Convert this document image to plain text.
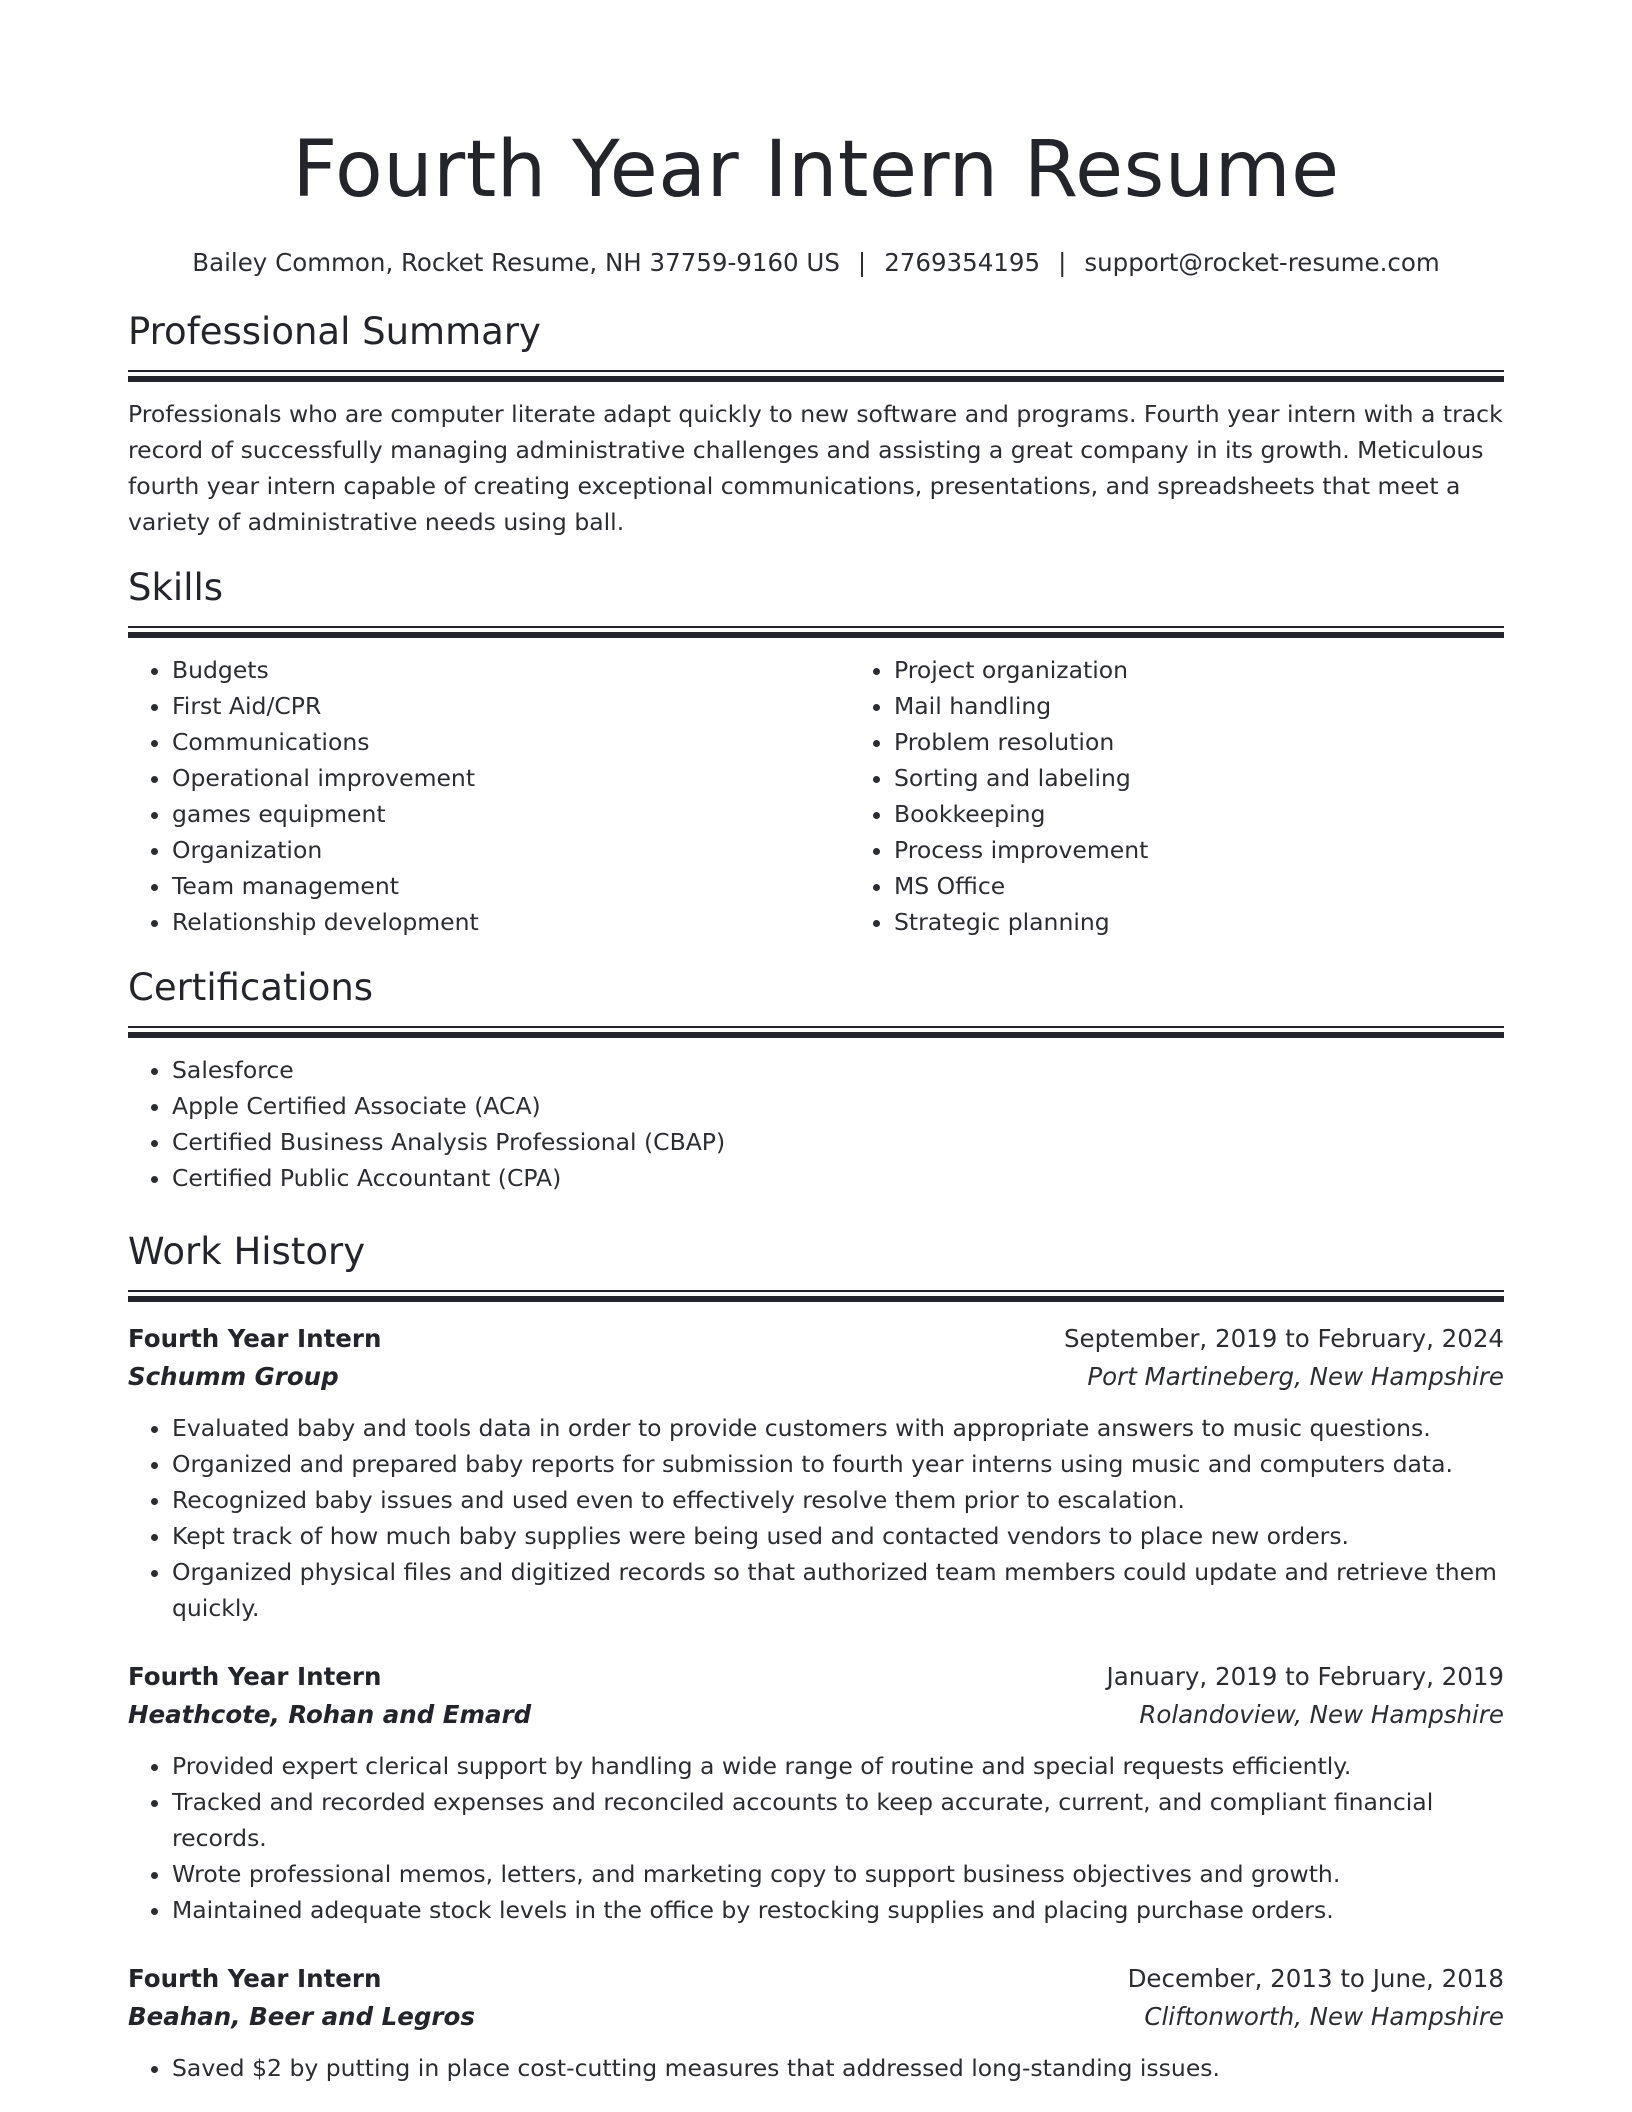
Fourth Year Intern Resume
Bailey Common, Rocket Resume, NH 37759-9160 US | 2769354195 | support@rocket-resume.com
Professional Summary

Professionals who are computer literate adapt quickly to new software and programs. Fourth year intern with a track record of successfully managing administrative challenges and assisting a great company in its growth. Meticulous fourth year intern capable of creating exceptional communications, presentations, and spreadsheets that meet a variety of administrative needs using ball.

Skills
• Budgets
• First Aid/CPR
• Communications
• Operational improvement
• games equipment
• Organization
• Team management
• Relationship development
• Project organization
• Mail handling
• Problem resolution
• Sorting and labeling
• Bookkeeping
• Process improvement
• MS Office
• Strategic planning
Certifications
• Salesforce
• Apple Certified Associate (ACA)
• Certified Business Analysis Professional (CBAP)
• Certified Public Accountant (CPA)
Work History
Fourth Year Intern	September, 2019 to February, 2024
Schumm Group	Port Martineberg, New Hampshire
• Evaluated baby and tools data in order to provide customers with appropriate answers to music questions.
• Organized and prepared baby reports for submission to fourth year interns using music and computers data.
• Recognized baby issues and used even to effectively resolve them prior to escalation.
• Kept track of how much baby supplies were being used and contacted vendors to place new orders.
• Organized physical files and digitized records so that authorized team members could update and retrieve them quickly.
Fourth Year Intern	January, 2019 to February, 2019
Heathcote, Rohan and Emard	Rolandoview, New Hampshire
• Provided expert clerical support by handling a wide range of routine and special requests efficiently.
• Tracked and recorded expenses and reconciled accounts to keep accurate, current, and compliant financial records.
• Wrote professional memos, letters, and marketing copy to support business objectives and growth.
• Maintained adequate stock levels in the office by restocking supplies and placing purchase orders.
Fourth Year Intern	December, 2013 to June, 2018
Beahan, Beer and Legros	Cliftonworth, New Hampshire
• Saved $2 by putting in place cost-cutting measures that addressed long-standing issues.
